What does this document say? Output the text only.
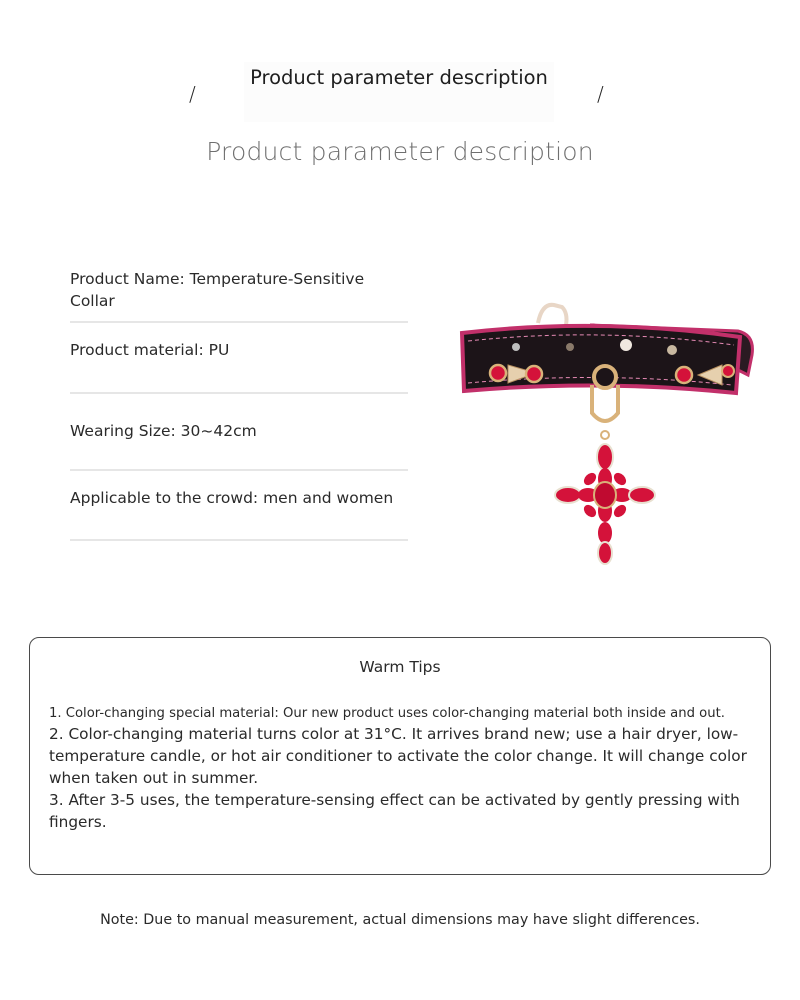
/
Product parameter description
/
Product parameter description
Product Name: Temperature-Sensitive Collar
Product material: PU
Wearing Size: 30~42cm
Applicable to the crowd: men and women
Warm Tips
1. Color-changing special material: Our new product uses color-changing material both inside and out.
2. Color-changing material turns color at 31°C. It arrives brand new; use a hair dryer, low-temperature candle, or hot air conditioner to activate the color change. It will change color when taken out in summer.
3. After 3-5 uses, the temperature-sensing effect can be activated by gently pressing with fingers.
Note: Due to manual measurement, actual dimensions may have slight differences.
